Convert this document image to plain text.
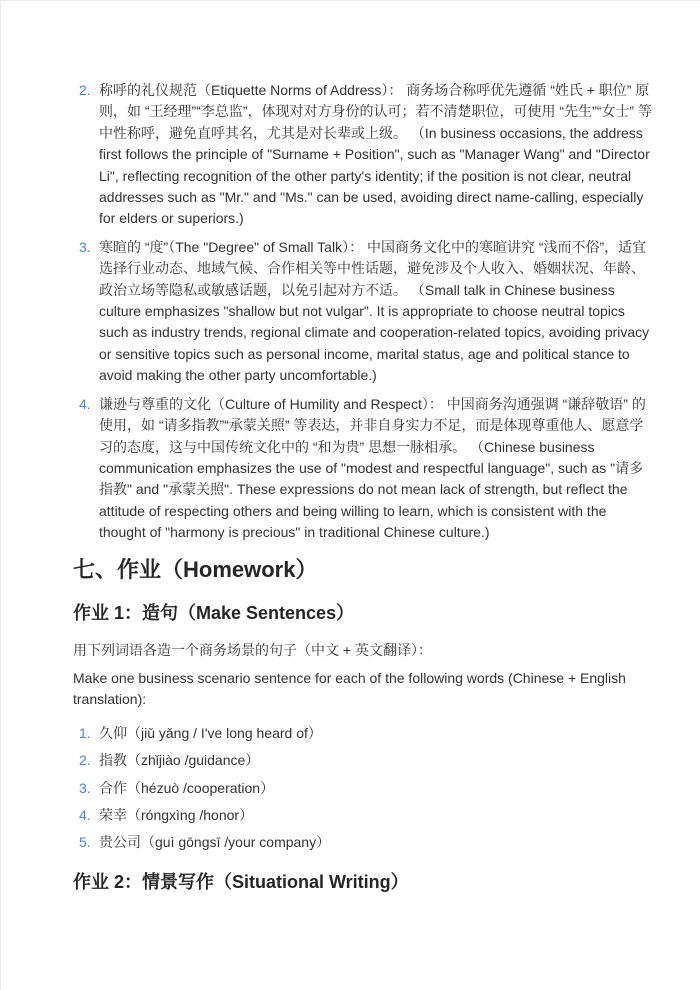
2. 称呼的礼仪规范（Etiquette Norms of Address）： 商务场合称呼优先遵循 “姓氏 + 职位” 原则，如 “王经理”“李总监”，体现对对方身份的认可；若不清楚职位，可使用 “先生”“女士” 等中性称呼，避免直呼其名，尤其是对长辈或上级。 （In business occasions, the address first follows the principle of "Surname + Position", such as "Manager Wang" and "Director Li", reflecting recognition of the other party's identity; if the position is not clear, neutral addresses such as "Mr." and "Ms." can be used, avoiding direct name-calling, especially for elders or superiors.)
3. 寒暄的 “度”（The "Degree" of Small Talk）： 中国商务文化中的寒暄讲究 “浅而不俗”，适宜选择行业动态、地域气候、合作相关等中性话题，避免涉及个人收入、婚姻状况、年龄、政治立场等隐私或敏感话题，以免引起对方不适。 （Small talk in Chinese business culture emphasizes "shallow but not vulgar". It is appropriate to choose neutral topics such as industry trends, regional climate and cooperation-related topics, avoiding privacy or sensitive topics such as personal income, marital status, age and political stance to avoid making the other party uncomfortable.)
4. 谦逊与尊重的文化（Culture of Humility and Respect）： 中国商务沟通强调 “谦辞敬语” 的使用，如 “请多指教”“承蒙关照” 等表达，并非自身实力不足，而是体现尊重他人、愿意学习的态度，这与中国传统文化中的 “和为贵” 思想一脉相承。 （Chinese business communication emphasizes the use of "modest and respectful language", such as "请多指教" and "承蒙关照". These expressions do not mean lack of strength, but reflect the attitude of respecting others and being willing to learn, which is consistent with the thought of "harmony is precious" in traditional Chinese culture.)
七、作业（Homework）
作业 1：造句（Make Sentences）

用下列词语各造一个商务场景的句子（中文 + 英文翻译）：

Make one business scenario sentence for each of the following words (Chinese + English translation):

1. 久仰（jiǔ yǎng / I've long heard of）
2. 指教（zhǐjiào /guidance）
3. 合作（hézuò /cooperation）
4. 荣幸（róngxìng /honor）
5. 贵公司（guì gōngsī /your company）
作业 2：情景写作（Situational Writing）
